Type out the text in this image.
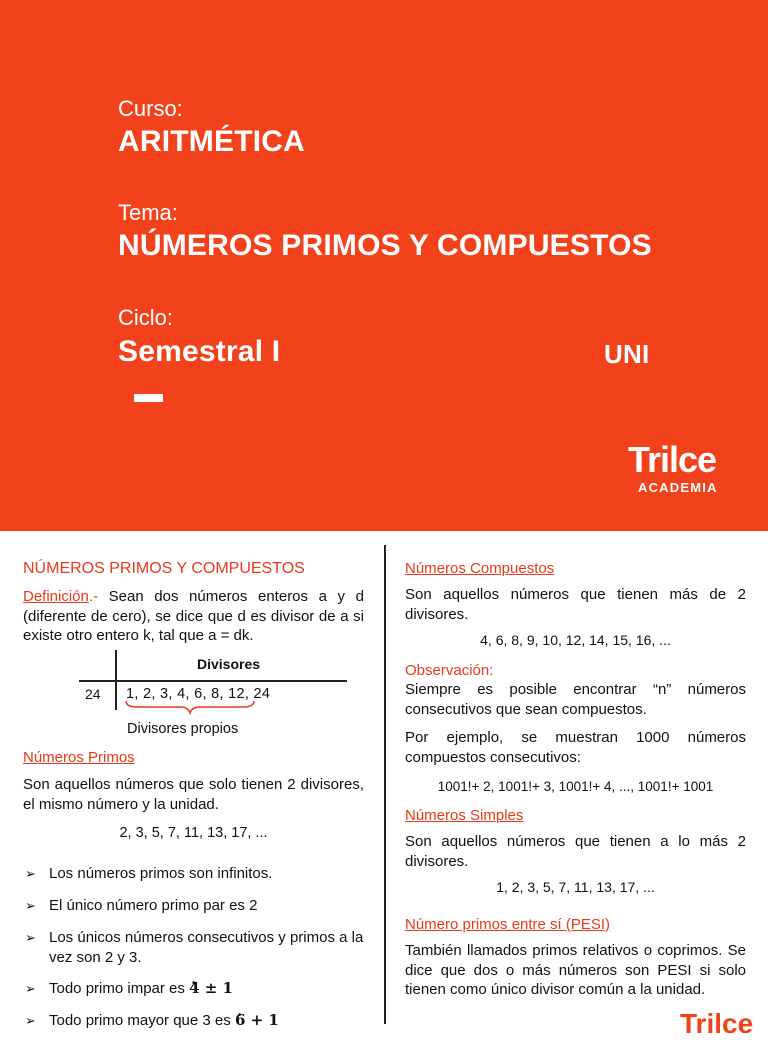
Curso:
ARITMÉTICA
Tema:
NÚMEROS PRIMOS Y COMPUESTOS
Ciclo:
Semestral I	UNI
Trilce
ACADEMIA
NÚMEROS PRIMOS Y COMPUESTOS
Definición.- Sean dos números enteros a y d (diferente de cero), se dice que d es divisor de a si existe otro entero k, tal que a = dk.
Divisores
24 1, 2, 3, 4, 6, 8, 12, 24
Divisores propios
Números Primos
Son aquellos números que solo tienen 2 divisores, el mismo número y la unidad.
2, 3, 5, 7, 11, 13, 17, ...
➢ Los números primos son infinitos.
➢ El único número primo par es 2
➢ Los únicos números consecutivos y primos a la vez son 2 y 3.
➢ Todo primo impar es . 4 ± 1
➢ Todo primo mayor que 3 es . 6 + 1
Números Compuestos
Son aquellos números que tienen más de 2 divisores.
4, 6, 8, 9, 10, 12, 14, 15, 16, ...
Observación:
Siempre es posible encontrar “n” números consecutivos que sean compuestos.
Por ejemplo, se muestran 1000 números compuestos consecutivos:
1001!+ 2, 1001!+ 3, 1001!+ 4, ..., 1001!+ 1001
Números Simples
Son aquellos números que tienen a lo más 2 divisores.
1, 2, 3, 5, 7, 11, 13, 17, ...
Número primos entre sí (PESI)
También llamados primos relativos o coprimos. Se dice que dos o más números son PESI si solo tienen como único divisor común a la unidad.
Trilce
